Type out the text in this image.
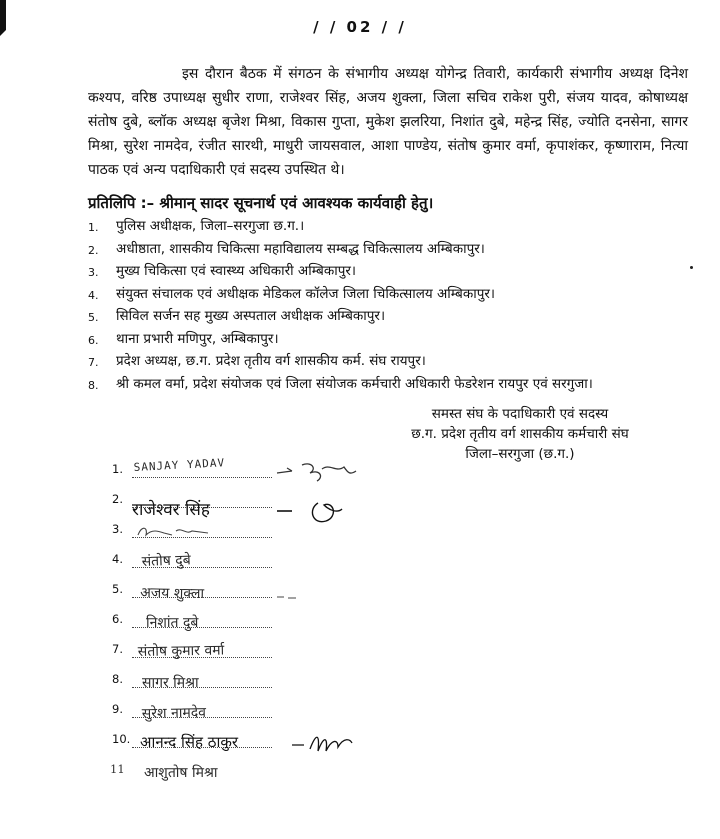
/ / 02 / /

इस दौरान बैठक में संगठन के संभागीय अध्यक्ष योगेन्द्र तिवारी, कार्यकारी संभागीय अध्यक्ष दिनेश कश्यप, वरिष्ठ उपाध्यक्ष सुधीर राणा, राजेश्वर सिंह, अजय शुक्ला, जिला सचिव राकेश पुरी, संजय यादव, कोषाध्यक्ष संतोष दुबे, ब्लॉक अध्यक्ष बृजेश मिश्रा, विकास गुप्ता, मुकेश झलरिया, निशांत दुबे, महेन्द्र सिंह, ज्योति दनसेना, सागर मिश्रा, सुरेश नामदेव, रंजीत सारथी, माधुरी जायसवाल, आशा पाण्डेय, संतोष कुमार वर्मा, कृपाशंकर, कृष्णाराम, नित्या पाठक एवं अन्य पदाधिकारी एवं सदस्य उपस्थित थे।

प्रतिलिपि :– श्रीमान् सादर सूचनार्थ एवं आवश्यक कार्यवाही हेतु।
1.	पुलिस अधीक्षक, जिला–सरगुजा छ.ग.।
2.	अधीष्ठाता, शासकीय चिकित्सा महाविद्यालय सम्बद्ध चिकित्सालय अम्बिकापुर।
3.	मुख्य चिकित्सा एवं स्वास्थ्य अधिकारी अम्बिकापुर।
4.	संयुक्त संचालक एवं अधीक्षक मेडिकल कॉलेज जिला चिकित्सालय अम्बिकापुर।
5.	सिविल सर्जन सह मुख्य अस्पताल अधीक्षक अम्बिकापुर।
6.	थाना प्रभारी मणिपुर, अम्बिकापुर।
7.	प्रदेश अध्यक्ष, छ.ग. प्रदेश तृतीय वर्ग शासकीय कर्म. संघ रायपुर।
8.	श्री कमल वर्मा, प्रदेश संयोजक एवं जिला संयोजक कर्मचारी अधिकारी फेडरेशन रायपुर एवं सरगुजा।
समस्त संघ के पदाधिकारी एवं सदस्य
छ.ग. प्रदेश तृतीय वर्ग शासकीय कर्मचारी संघ
जिला–सरगुजा (छ.ग.)
1. SANJAY YADAV
2.
राजेश्वर सिंह
3.
4. संतोष दुबे
5. अजय शुक्ला
6. निशांत दुबे
7. संतोष कुमार वर्मा
8. सागर मिश्रा
9. सुरेश नामदेव
10. आनन्द सिंह ठाकुर
11 आशुतोष मिश्रा
